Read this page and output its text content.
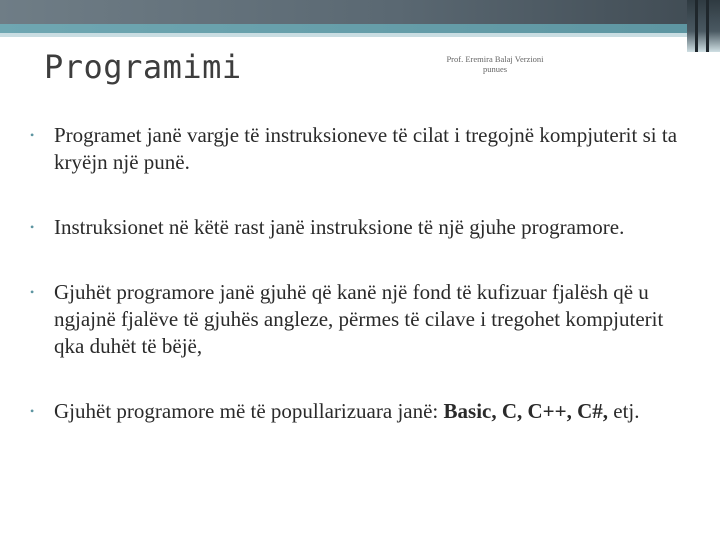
Programimi	Prof. Eremira Balaj Verzioni punues
• Programet janë vargje të instruksioneve të cilat i tregojnë kompjuterit si ta kryëjn një punë.
• Instruksionet në këtë rast janë instruksione të një gjuhe programore.
• Gjuhët programore janë gjuhë që kanë një fond të kufizuar fjalësh që u ngjajnë fjalëve të gjuhës angleze, përmes të cilave i tregohet kompjuterit qka duhët të bëjë,
• Gjuhët programore më të popullarizuara janë: Basic, C, C++, C#, etj.
